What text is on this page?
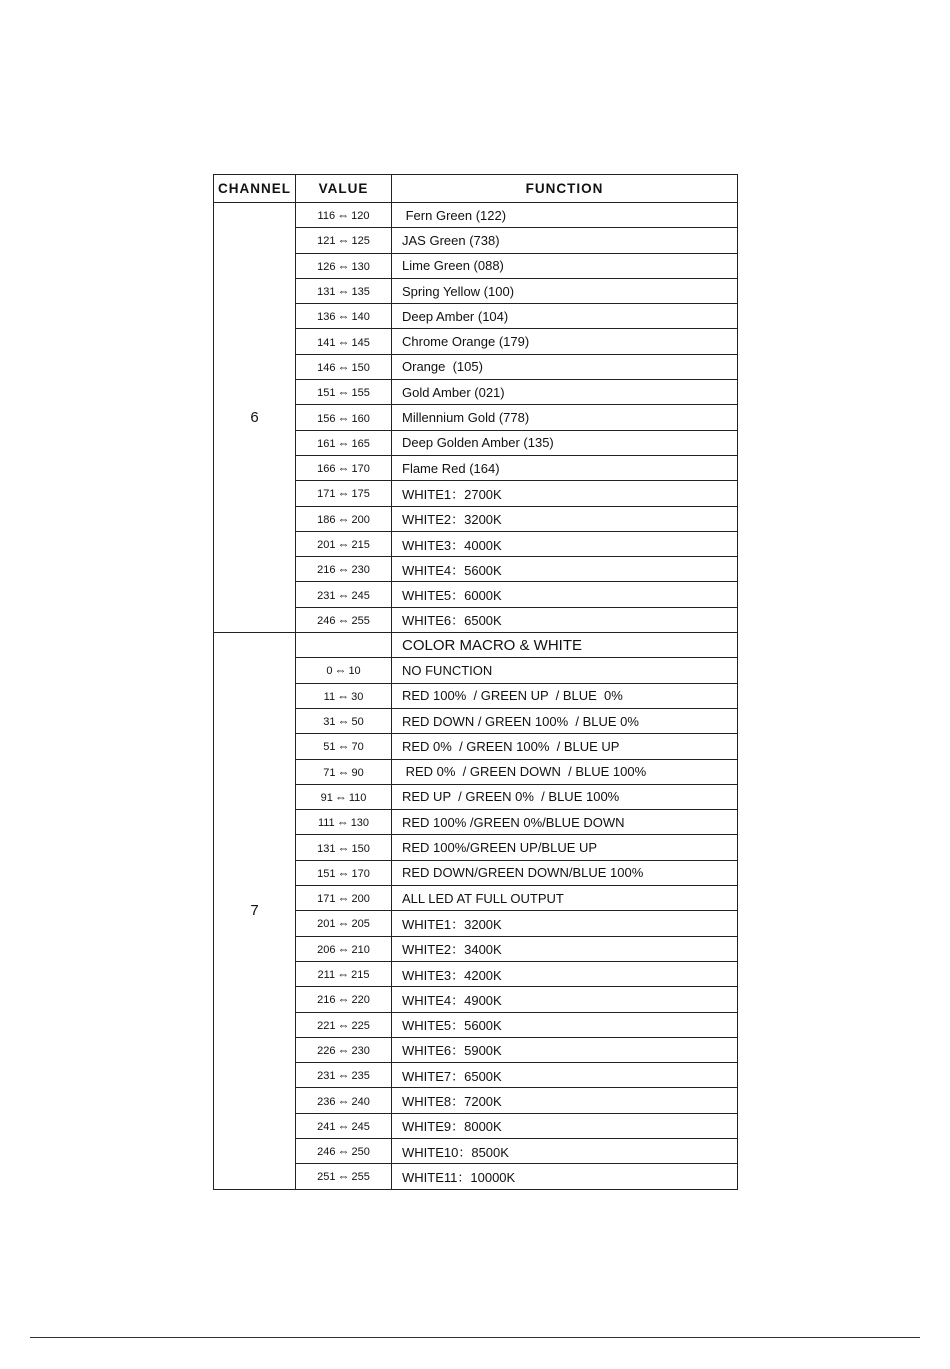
CHANNEL	VALUE	FUNCTION
6	116 ⇔ 120	Fern Green (122)
	121 ⇔ 125	JAS Green (738)
	126 ⇔ 130	Lime Green (088)
	131 ⇔ 135	Spring Yellow (100)
	136 ⇔ 140	Deep Amber (104)
	141 ⇔ 145	Chrome Orange (179)
	146 ⇔ 150	Orange  (105)
	151 ⇔ 155	Gold Amber (021)
	156 ⇔ 160	Millennium Gold (778)
	161 ⇔ 165	Deep Golden Amber (135)
	166 ⇔ 170	Flame Red (164)
	171 ⇔ 175	WHITE1：2700K
	186 ⇔ 200	WHITE2：3200K
	201 ⇔ 215	WHITE3：4000K
	216 ⇔ 230	WHITE4：5600K
	231 ⇔ 245	WHITE5：6000K
	246 ⇔ 255	WHITE6：6500K
7		COLOR MACRO & WHITE
	0 ⇔ 10	NO FUNCTION
	11 ⇔ 30	RED 100%  / GREEN UP  / BLUE  0%
	31 ⇔ 50	RED DOWN / GREEN 100%  / BLUE 0%
	51 ⇔ 70	RED 0%  / GREEN 100%  / BLUE UP
	71 ⇔ 90	RED 0%  / GREEN DOWN  / BLUE 100%
	91 ⇔ 110	RED UP  / GREEN 0%  / BLUE 100%
	111 ⇔ 130	RED 100% /GREEN 0%/BLUE DOWN
	131 ⇔ 150	RED 100%/GREEN UP/BLUE UP
	151 ⇔ 170	RED DOWN/GREEN DOWN/BLUE 100%
	171 ⇔ 200	ALL LED AT FULL OUTPUT
	201 ⇔ 205	WHITE1：3200K
	206 ⇔ 210	WHITE2：3400K
	211 ⇔ 215	WHITE3：4200K
	216 ⇔ 220	WHITE4：4900K
	221 ⇔ 225	WHITE5：5600K
	226 ⇔ 230	WHITE6：5900K
	231 ⇔ 235	WHITE7：6500K
	236 ⇔ 240	WHITE8：7200K
	241 ⇔ 245	WHITE9：8000K
	246 ⇔ 250	WHITE10：8500K
	251 ⇔ 255	WHITE11：10000K
